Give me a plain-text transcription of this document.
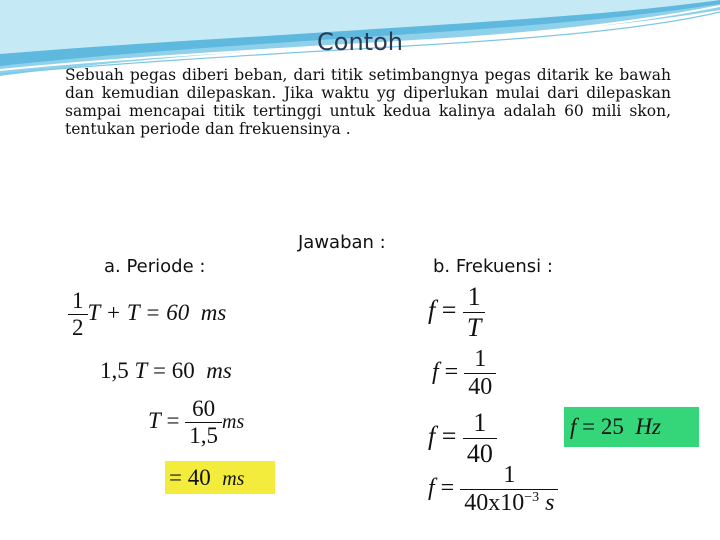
Contoh
Sebuah pegas diberi beban, dari titik setimbangnya pegas ditarik ke bawah dan kemudian dilepaskan. Jika waktu yg diperlukan mulai dari dilepaskan sampai mencapai titik tertinggi untuk kedua kalinya adalah 60 mili skon, tentukan periode dan frekuensinya .
Jawaban :
a. Periode :	b. Frekuensi :
$\frac{1}{2}$ T + T = 60 ms
1,5 T = 60 ms
$T = \frac{60}{1,5}$ ms
= 40 ms
$f = \frac{1}{T}$
$f = \frac{1}{40}$
$f = \frac{1}{40}$
$f = \frac{1}{40x10^{-3} s}$
f = 25 Hz
